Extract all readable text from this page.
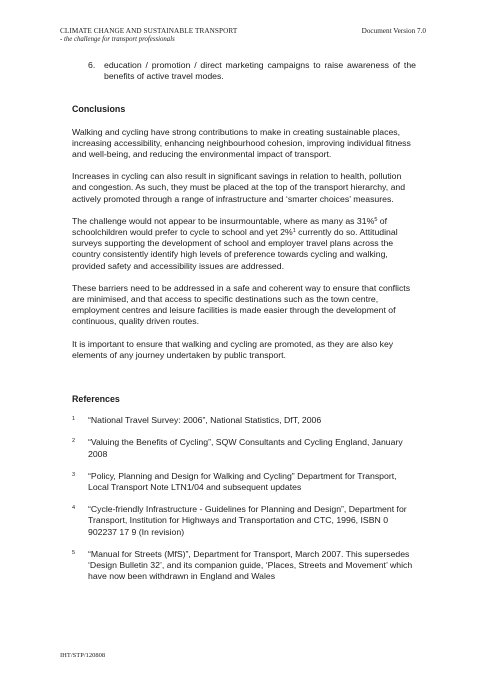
CLIMATE CHANGE AND SUSTAINABLE TRANSPORT
- the challenge for transport professionals
Document Version 7.0
6.	education / promotion / direct marketing campaigns to raise awareness of the benefits of active travel modes.
Conclusions

Walking and cycling have strong contributions to make in creating sustainable places, increasing accessibility, enhancing neighbourhood cohesion, improving individual fitness and well-being, and reducing the environmental impact of transport.

Increases in cycling can also result in significant savings in relation to health, pollution and congestion. As such, they must be placed at the top of the transport hierarchy, and actively promoted through a range of infrastructure and ‘smarter choices’ measures.

The challenge would not appear to be insurmountable, where as many as 31%$^5$ of schoolchildren would prefer to cycle to school and yet 2%$^1$ currently do so. Attitudinal surveys supporting the development of school and employer travel plans across the country consistently identify high levels of preference towards cycling and walking, provided safety and accessibility issues are addressed.

These barriers need to be addressed in a safe and coherent way to ensure that conflicts are minimised, and that access to specific destinations such as the town centre, employment centres and leisure facilities is made easier through the development of continuous, quality driven routes.

It is important to ensure that walking and cycling are promoted, as they are also key elements of any journey undertaken by public transport.

References
1	“National Travel Survey: 2006”, National Statistics, DfT, 2006
2	“Valuing the Benefits of Cycling”, SQW Consultants and Cycling England, January 2008
3	“Policy, Planning and Design for Walking and Cycling” Department for Transport, Local Transport Note LTN1/04 and subsequent updates
4	“Cycle-friendly Infrastructure - Guidelines for Planning and Design”, Department for Transport, Institution for Highways and Transportation and CTC, 1996, ISBN 0 902237 17 9 (In revision)
5	“Manual for Streets (MfS)”, Department for Transport, March 2007. This supersedes ‘Design Bulletin 32’, and its companion guide, ‘Places, Streets and Movement’ which have now been withdrawn in England and Wales
IHT/STP/120808
